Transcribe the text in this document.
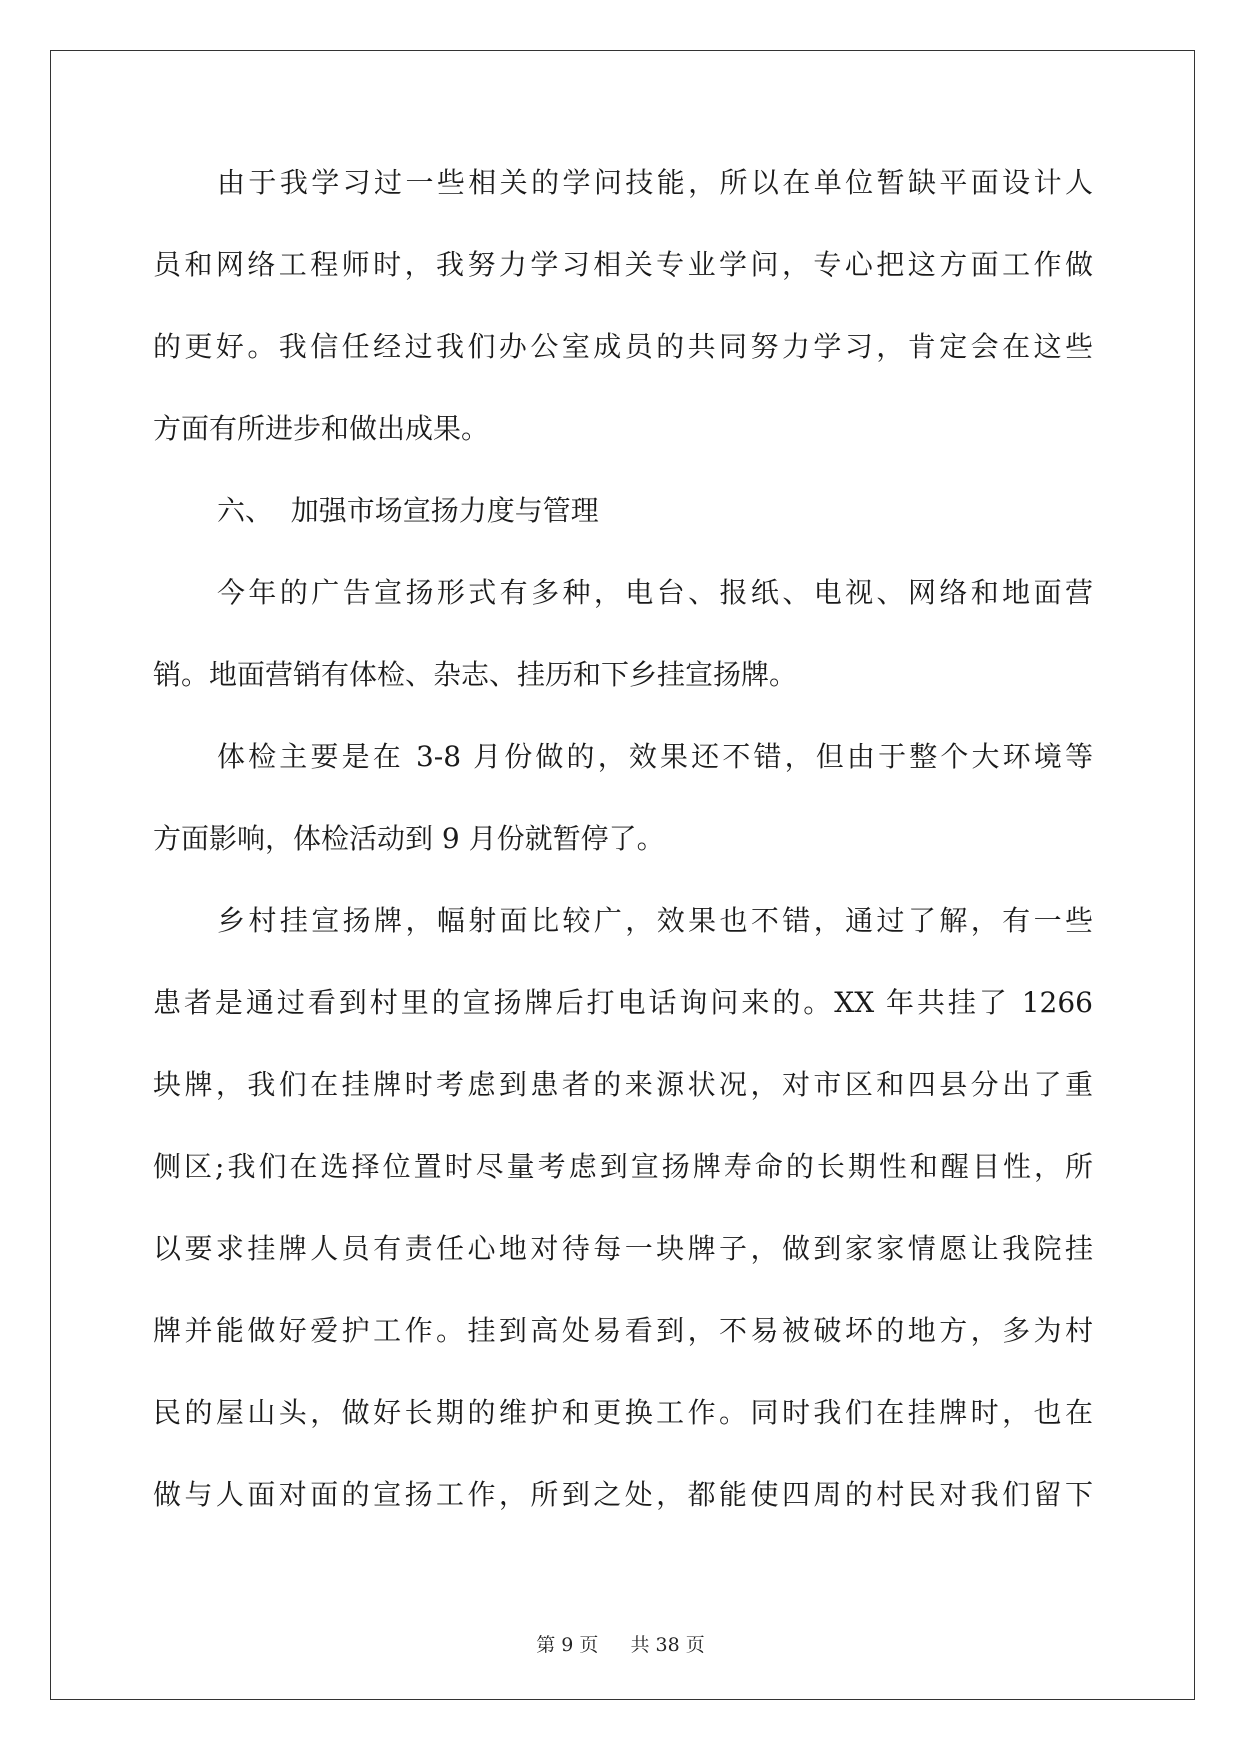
由于我学习过一些相关的学问技能，所以在单位暂缺平面设计人
员和网络工程师时，我努力学习相关专业学问，专心把这方面工作做
的更好。我信任经过我们办公室成员的共同努力学习，肯定会在这些
方面有所进步和做出成果。
六、  加强市场宣扬力度与管理
今年的广告宣扬形式有多种，电台、报纸、电视、网络和地面营
销。地面营销有体检、杂志、挂历和下乡挂宣扬牌。
体检主要是在 3-8 月份做的，效果还不错，但由于整个大环境等
方面影响，体检活动到 9 月份就暂停了。
乡村挂宣扬牌，幅射面比较广，效果也不错，通过了解，有一些
患者是通过看到村里的宣扬牌后打电话询问来的。XX 年共挂了 1266
块牌，我们在挂牌时考虑到患者的来源状况，对市区和四县分出了重
侧区;我们在选择位置时尽量考虑到宣扬牌寿命的长期性和醒目性，所
以要求挂牌人员有责任心地对待每一块牌子，做到家家情愿让我院挂
牌并能做好爱护工作。挂到高处易看到，不易被破坏的地方，多为村
民的屋山头，做好长期的维护和更换工作。同时我们在挂牌时，也在
做与人面对面的宣扬工作，所到之处，都能使四周的村民对我们留下
第 9 页 共 38 页
